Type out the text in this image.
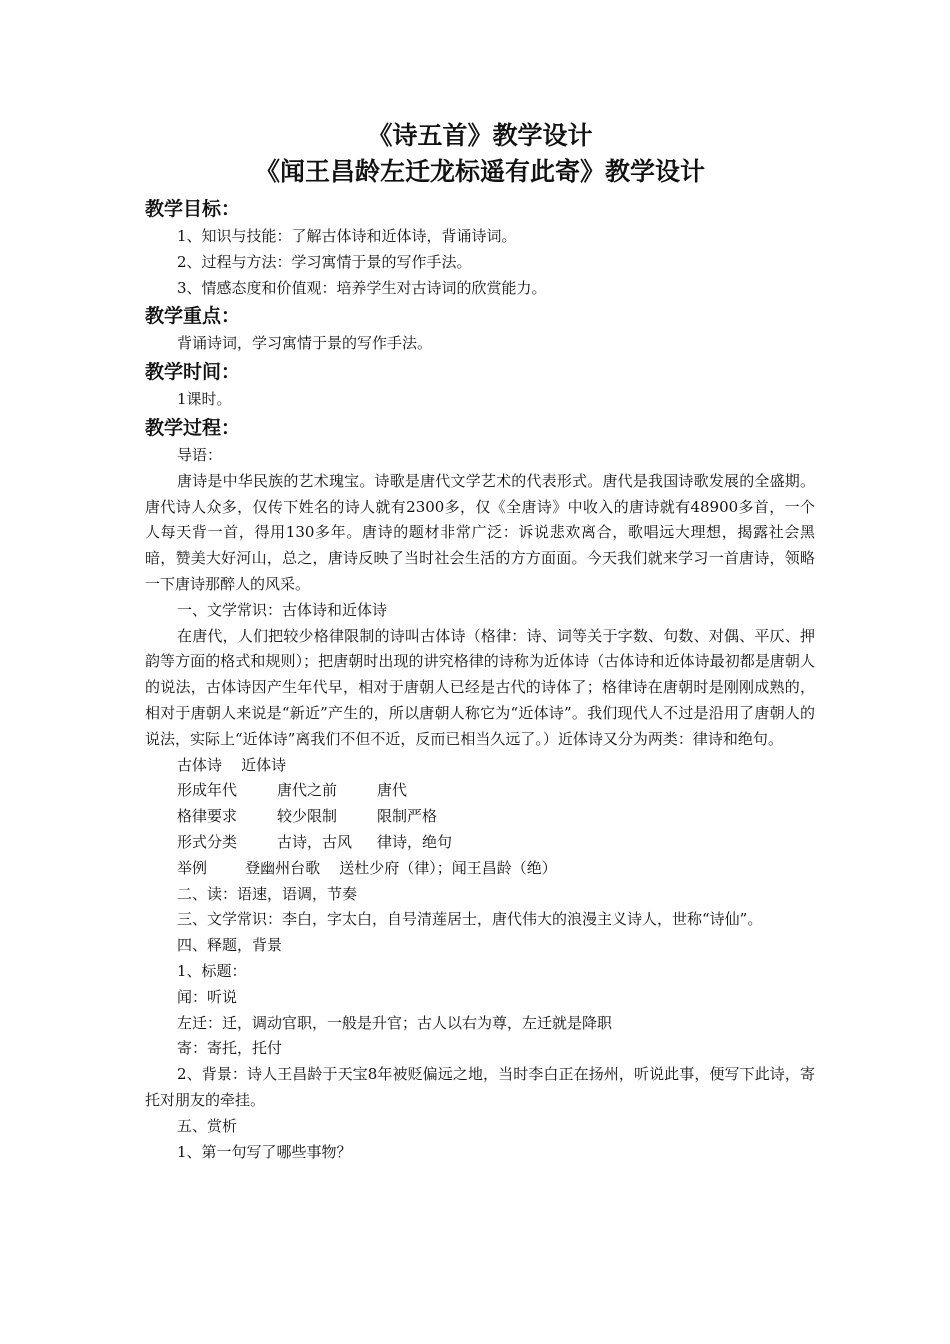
《诗五首》教学设计
《闻王昌龄左迁龙标遥有此寄》教学设计
教学目标：

1、知识与技能：了解古体诗和近体诗，背诵诗词。

2、过程与方法：学习寓情于景的写作手法。

3、情感态度和价值观：培养学生对古诗词的欣赏能力。

教学重点：

背诵诗词，学习寓情于景的写作手法。

教学时间：

1课时。

教学过程：

导语：

唐诗是中华民族的艺术瑰宝。诗歌是唐代文学艺术的代表形式。唐代是我国诗歌发展的全盛期。唐代诗人众多，仅传下姓名的诗人就有2300多，仅《全唐诗》中收入的唐诗就有48900多首，一个人每天背一首，得用130多年。唐诗的题材非常广泛：诉说悲欢离合，歌唱远大理想，揭露社会黑暗，赞美大好河山，总之，唐诗反映了当时社会生活的方方面面。今天我们就来学习一首唐诗，领略一下唐诗那醉人的风采。

一、文学常识：古体诗和近体诗

在唐代，人们把较少格律限制的诗叫古体诗（格律：诗、词等关于字数、句数、对偶、平仄、押韵等方面的格式和规则）；把唐朝时出现的讲究格律的诗称为近体诗（古体诗和近体诗最初都是唐朝人的说法，古体诗因产生年代早，相对于唐朝人已经是古代的诗体了；格律诗在唐朝时是刚刚成熟的，相对于唐朝人来说是“新近”产生的，所以唐朝人称它为“近体诗”。我们现代人不过是沿用了唐朝人的说法，实际上“近体诗”离我们不但不近，反而已相当久远了。）近体诗又分为两类：律诗和绝句。

古体诗    近体诗
形成年代	唐代之前	唐代
格律要求	较少限制	限制严格
形式分类	古诗，古风	律诗，绝句
举例        登幽州台歌    送杜少府（律）；闻王昌龄（绝）

二、读：语速，语调，节奏

三、文学常识：李白，字太白，自号清莲居士，唐代伟大的浪漫主义诗人，世称“诗仙”。

四、释题，背景

1、标题：

闻：听说

左迁：迁，调动官职，一般是升官；古人以右为尊，左迁就是降职

寄：寄托，托付

2、背景：诗人王昌龄于天宝8年被贬偏远之地，当时李白正在扬州，听说此事，便写下此诗，寄托对朋友的牵挂。

五、赏析

1、第一句写了哪些事物？
